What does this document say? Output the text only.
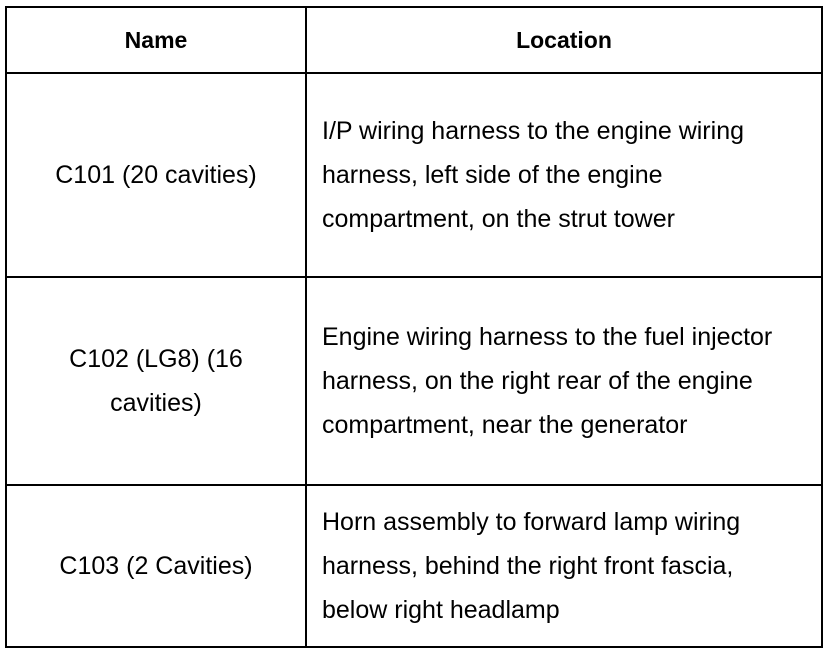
Name	Location
C101 (20 cavities)	I/P wiring harness to the engine wiring harness, left side of the engine compartment, on the strut tower
C102 (LG8) (16 cavities)	Engine wiring harness to the fuel injector harness, on the right rear of the engine compartment, near the generator
C103 (2 Cavities)	Horn assembly to forward lamp wiring harness, behind the right front fascia, below right headlamp
